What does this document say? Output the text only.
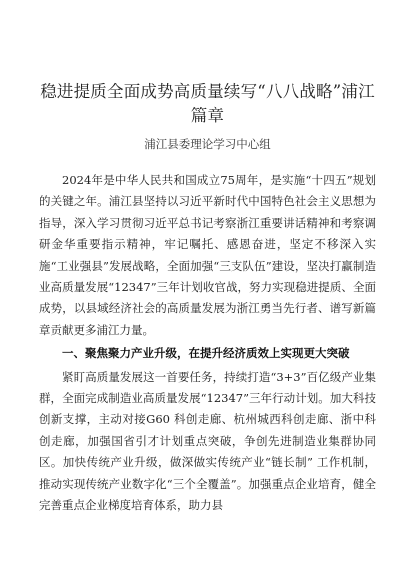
稳进提质全面成势高质量续写“八八战略”浦江篇章
浦江县委理论学习中心组

2024年是中华人民共和国成立75周年，是实施“十四五”规划的关键之年。浦江县坚持以习近平新时代中国特色社会主义思想为指导，深入学习贯彻习近平总书记考察浙江重要讲话精神和考察调研金华重要指示精神，牢记嘱托、感恩奋进，坚定不移深入实施“工业强县”发展战略，全面加强“三支队伍”建设，坚决打赢制造业高质量发展“12347”三年计划收官战，努力实现稳进提质、全面成势，以县域经济社会的高质量发展为浙江勇当先行者、谱写新篇章贡献更多浦江力量。

一、聚焦聚力产业升级，在提升经济质效上实现更大突破

紧盯高质量发展这一首要任务，持续打造“3+3”百亿级产业集群，全面完成制造业高质量发展“12347”三年行动计划。加大科技创新支撑，主动对接G60 科创走廊、杭州城西科创走廊、浙中科创走廊，加强国省引才计划重点突破，争创先进制造业集群协同区。加快传统产业升级，做深做实传统产业“链长制” 工作机制，推动实现传统产业数字化“三个全覆盖”。加强重点企业培育，健全完善重点企业梯度培育体系，助力县
